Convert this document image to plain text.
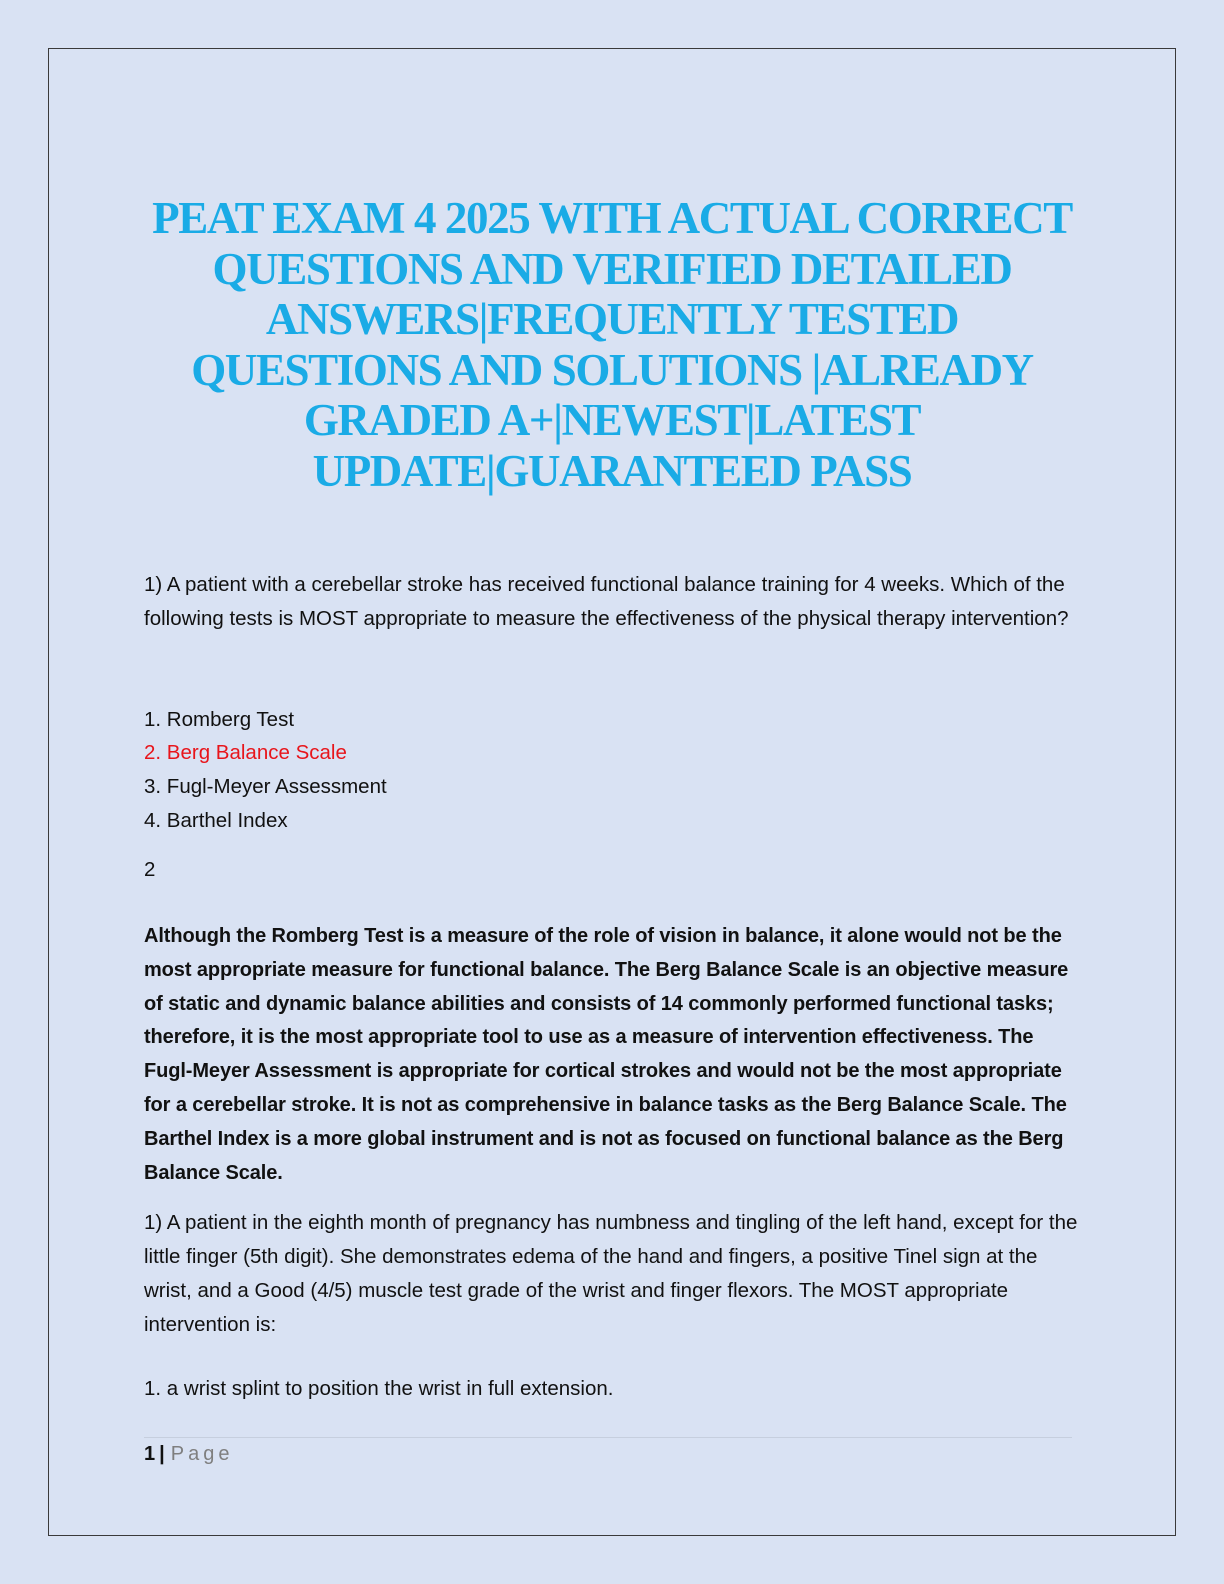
PEAT EXAM 4 2025 WITH ACTUAL CORRECT QUESTIONS AND VERIFIED DETAILED ANSWERS|FREQUENTLY TESTED QUESTIONS AND SOLUTIONS |ALREADY GRADED A+|NEWEST|LATEST UPDATE|GUARANTEED PASS

1) A patient with a cerebellar stroke has received functional balance training for 4 weeks. Which of the following tests is MOST appropriate to measure the effectiveness of the physical therapy intervention?

1. Romberg Test
2. Berg Balance Scale
3. Fugl-Meyer Assessment
4. Barthel Index
2

Although the Romberg Test is a measure of the role of vision in balance, it alone would not be the most appropriate measure for functional balance. The Berg Balance Scale is an objective measure of static and dynamic balance abilities and consists of 14 commonly performed functional tasks; therefore, it is the most appropriate tool to use as a measure of intervention effectiveness. The Fugl-Meyer Assessment is appropriate for cortical strokes and would not be the most appropriate for a cerebellar stroke. It is not as comprehensive in balance tasks as the Berg Balance Scale. The Barthel Index is a more global instrument and is not as focused on functional balance as the Berg Balance Scale.

1) A patient in the eighth month of pregnancy has numbness and tingling of the left hand, except for the little finger (5th digit). She demonstrates edema of the hand and fingers, a positive Tinel sign at the wrist, and a Good (4/5) muscle test grade of the wrist and finger flexors. The MOST appropriate intervention is:

1. a wrist splint to position the wrist in full extension.
1 | Page
